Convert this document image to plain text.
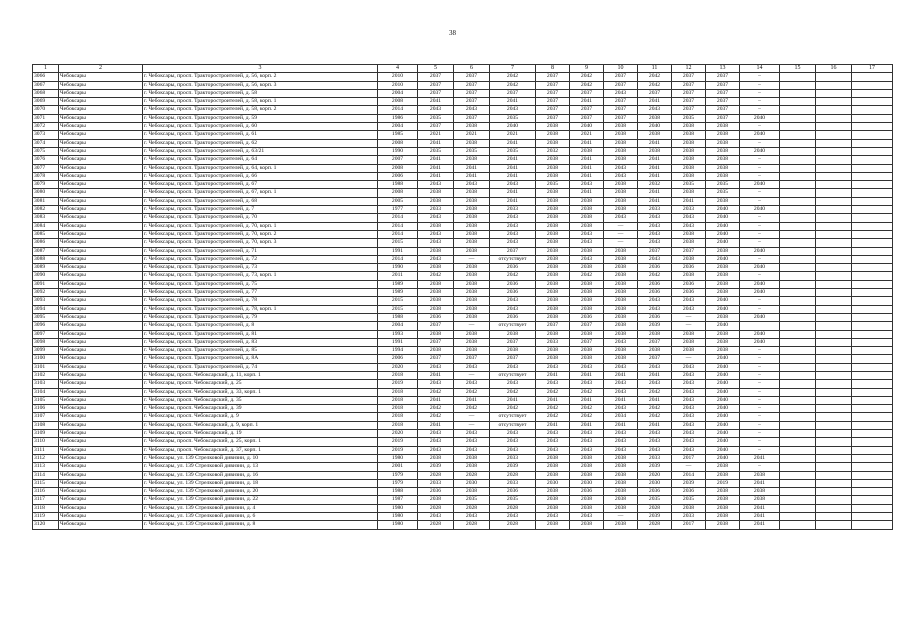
38
1	2	3	4	5	6	7	8	9	10	11	12	13	14	15	16	17
3066	Чебоксары	г. Чебоксары, просп. Тракторостроителей, д. 56, корп. 2	2010	2037	2037	2042	2037	2042	2037	2042	2037	2037	–			
3067	Чебоксары	г. Чебоксары, просп. Тракторостроителей, д. 56, корп. 3	2010	2037	2037	2042	2037	2042	2037	2042	2037	2037	–			
3068	Чебоксары	г. Чебоксары, просп. Тракторостроителей, д. 58	2004	2037	2037	2037	2037	2037	2043	2037	2037	2037	–			
3069	Чебоксары	г. Чебоксары, просп. Тракторостроителей, д. 58, корп. 1	2008	2041	2037	2041	2037	2041	2037	2041	2037	2037	–			
3070	Чебоксары	г. Чебоксары, просп. Тракторостроителей, д. 58, корп. 2	2014	2043	2043	2043	2037	2037	2037	2043	2037	2037	–			
3071	Чебоксары	г. Чебоксары, просп. Тракторостроителей, д. 59	1986	2035	2037	2035	2037	2037	2037	2038	2035	2037	2040			
3072	Чебоксары	г. Чебоксары, просп. Тракторостроителей, д. 60	2004	2037	2038	2040	2038	2040	2038	2040	2038	2038	–			
3073	Чебоксары	г. Чебоксары, просп. Тракторостроителей, д. 61	1985	2021	2021	2021	2038	2021	2038	2038	2038	2038	2040			
3074	Чебоксары	г. Чебоксары, просп. Тракторостроителей, д. 62	2008	2041	2038	2041	2038	2041	2038	2041	2038	2038	–			
3075	Чебоксары	г. Чебоксары, просп. Тракторостроителей, д. 63/21	1990	2035	2035	2035	2032	2038	2038	2038	2038	2038	2040			
3076	Чебоксары	г. Чебоксары, просп. Тракторостроителей, д. 64	2007	2041	2038	2041	2038	2041	2038	2041	2038	2038	–			
3077	Чебоксары	г. Чебоксары, просп. Тракторостроителей, д. 64, корп. 1	2008	2041	2041	2041	2038	2041	2043	2041	2038	2038	–			
3078	Чебоксары	г. Чебоксары, просп. Тракторостроителей, д. 66	2006	2041	2041	2041	2038	2041	2043	2041	2038	2038	–			
3079	Чебоксары	г. Чебоксары, просп. Тракторостроителей, д. 67	1988	2043	2043	2043	2035	2043	2038	2032	2035	2035	2040			
3080	Чебоксары	г. Чебоксары, просп. Тракторостроителей, д. 67, корп. 1	2008	2038	2038	2041	2038	2041	2038	2041	2038	2035	–			
3081	Чебоксары	г. Чебоксары, просп. Тракторостроителей, д. 68	2005	2038	2038	2041	2038	2038	2038	2041	2041	2038	–			
3082	Чебоксары	г. Чебоксары, просп. Тракторостроителей, д. 7	1977	2033	2038	2033	2038	2038	2038	2033	2033	2040	2040			
3083	Чебоксары	г. Чебоксары, просп. Тракторостроителей, д. 70	2014	2043	2038	2043	2038	2038	2043	2043	2043	2040	–			
3084	Чебоксары	г. Чебоксары, просп. Тракторостроителей, д. 70, корп. 1	2014	2038	2038	2043	2038	2038	—	2043	2043	2040	–			
3085	Чебоксары	г. Чебоксары, просп. Тракторостроителей, д. 70, корп. 2	2014	2043	2038	2043	2038	2043	—	2043	2038	2040	–			
3086	Чебоксары	г. Чебоксары, просп. Тракторостроителей, д. 70, корп. 3	2015	2043	2038	2043	2038	2043	—	2043	2038	2040	–			
3087	Чебоксары	г. Чебоксары, просп. Тракторостроителей, д. 71	1991	2038	2038	2037	2038	2038	2038	2037	2037	2038	2040			
3088	Чебоксары	г. Чебоксары, просп. Тракторостроителей, д. 72	2014	2043	—	отсутствует	2038	2043	2038	2043	2038	2040	–			
3089	Чебоксары	г. Чебоксары, просп. Тракторостроителей, д. 73	1990	2038	2038	2036	2038	2038	2038	2036	2036	2038	2040			
3090	Чебоксары	г. Чебоксары, просп. Тракторостроителей, д. 73, корп. 1	2011	2042	2038	2042	2038	2042	2038	2042	2038	2038	–			
3091	Чебоксары	г. Чебоксары, просп. Тракторостроителей, д. 75	1989	2038	2038	2036	2038	2038	2038	2036	2036	2038	2040			
3092	Чебоксары	г. Чебоксары, просп. Тракторостроителей, д. 77	1989	2038	2038	2036	2038	2038	2038	2036	2036	2038	2040			
3093	Чебоксары	г. Чебоксары, просп. Тракторостроителей, д. 78	2015	2038	2038	2043	2038	2038	2038	2043	2043	2040	–			
3094	Чебоксары	г. Чебоксары, просп. Тракторостроителей, д. 78, корп. 1	2015	2038	2038	2043	2038	2038	2038	2043	2043	2040	–			
3095	Чебоксары	г. Чебоксары, просп. Тракторостроителей, д. 79	1988	2036	2038	2036	2038	2036	2038	2036	—	2038	2040			
3096	Чебоксары	г. Чебоксары, просп. Тракторостроителей, д. 8	2004	2037	—	отсутствует	2037	2037	2038	2039	—	2040				
3097	Чебоксары	г. Чебоксары, просп. Тракторостроителей, д. 81	1993	2038	2038	2038	2038	2038	2038	2038	2038	2038	2040			
3098	Чебоксары	г. Чебоксары, просп. Тракторостроителей, д. 83	1991	2037	2038	2037	2033	2037	2043	2037	2038	2038	2040			
3099	Чебоксары	г. Чебоксары, просп. Тракторостроителей, д. 85	1994	2038	2038	2038	2038	2038	2038	2038	2038	2038	–			
3100	Чебоксары	г. Чебоксары, просп. Тракторостроителей, д. 8А	2006	2037	2037	2037	2038	2038	2038	2037	—	2040	–			
3101	Чебоксары	г. Чебоксары, просп. Тракторостроителей, д. 74	2020	2043	2043	2043	2043	2043	2043	2043	2043	2040	–			
3102	Чебоксары	г. Чебоксары, просп. Чебоксарский, д. 11, корп. 1	2018	2041	—	отсутствует	2041	2041	2041	2041	2043	2040	–			
3103	Чебоксары	г. Чебоксары, просп. Чебоксарский, д. 25	2019	2043	2043	2043	2043	2043	2043	2043	2043	2040	–			
3104	Чебоксары	г. Чебоксары, просп. Чебоксарский, д. 33, корп. 1	2018	2042	2042	2042	2042	2042	2043	2042	2043	2040	–			
3105	Чебоксары	г. Чебоксары, просп. Чебоксарский, д. 35	2018	2041	2041	2041	2041	2041	2041	2041	2043	2040	–			
3106	Чебоксары	г. Чебоксары, просп. Чебоксарский, д. 39	2018	2042	2042	2042	2042	2042	2043	2042	2043	2040	–			
3107	Чебоксары	г. Чебоксары, просп. Чебоксарский, д. 9	2018	2042	—	отсутствует	2042	2042	2034	2042	2043	2040	–			
3108	Чебоксары	г. Чебоксары, просп. Чебоксарский, д. 9, корп. 1	2018	2041	—	отсутствует	2041	2041	2041	2041	2043	2040	–			
3109	Чебоксары	г. Чебоксары, просп. Чебоксарский, д. 19	2020	2043	2043	2043	2043	2043	2043	2043	2043	2040	–			
3110	Чебоксары	г. Чебоксары, просп. Чебоксарский, д. 25, корп. 1	2019	2043	2043	2043	2043	2043	2043	2043	2043	2040	–			
3111	Чебоксары	г. Чебоксары, просп. Чебоксарский, д. 37, корп. 1	2019	2043	2043	2043	2043	2043	2043	2043	2043	2040	–			
3112	Чебоксары	г. Чебоксары, ул. 139 Стрелковой дивизии, д. 10	1980	2038	2038	2033	2038	2038	2038	2033	2017	2040	2041			
3113	Чебоксары	г. Чебоксары, ул. 139 Стрелковой дивизии, д. 13	2001	2039	2038	2039	2038	2038	2038	2039	—	2038	–			
3114	Чебоксары	г. Чебоксары, ул. 139 Стрелковой дивизии, д. 16	1979	2028	2028	2028	2038	2038	2038	2020	2014	2038	2038			
3115	Чебоксары	г. Чебоксары, ул. 139 Стрелковой дивизии, д. 18	1979	2033	2030	2033	2030	2030	2038	2030	2039	2019	2041			
3116	Чебоксары	г. Чебоксары, ул. 139 Стрелковой дивизии, д. 20	1988	2036	2038	2036	2038	2036	2038	2036	2036	2038	2038			
3117	Чебоксары	г. Чебоксары, ул. 139 Стрелковой дивизии, д. 22	1987	2038	2035	2035	2038	2038	2038	2035	2035	2038	2038			
3118	Чебоксары	г. Чебоксары, ул. 139 Стрелковой дивизии, д. 4	1980	2028	2028	2028	2038	2038	2038	2028	2038	2038	2041			
3119	Чебоксары	г. Чебоксары, ул. 139 Стрелковой дивизии, д. 6	1980	2043	2043	2043	2043	2043	—	2039	2033	2038	2041			
3120	Чебоксары	г. Чебоксары, ул. 139 Стрелковой дивизии, д. 8	1980	2028	2028	2028	2038	2038	2038	2028	2017	2038	2041			
